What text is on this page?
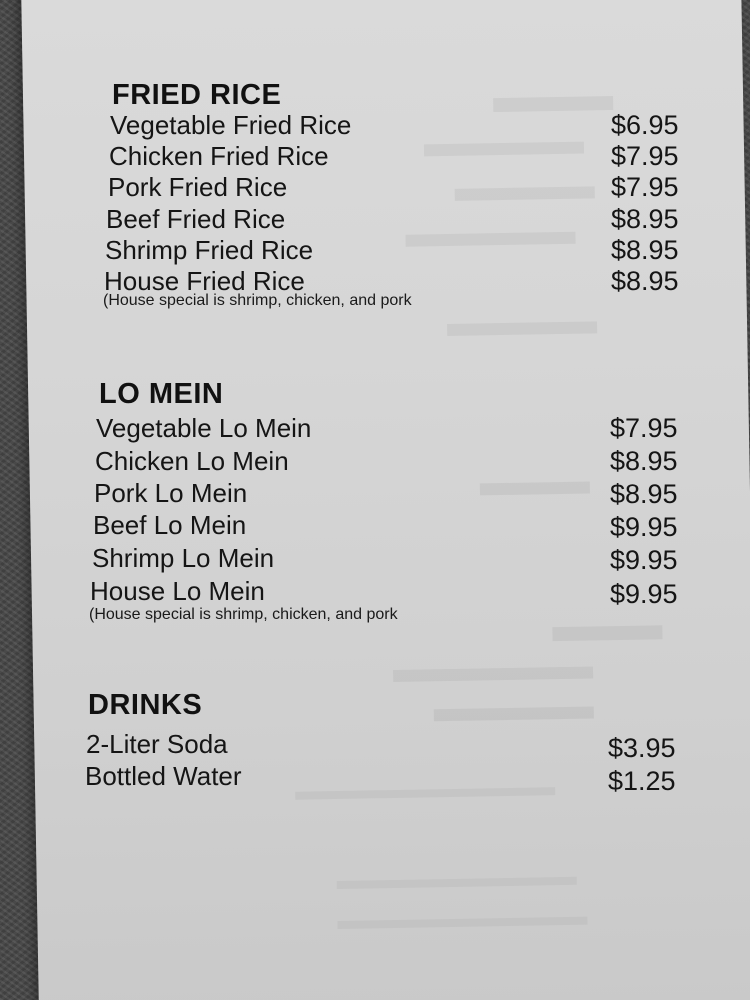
FRIED RICE
Vegetable Fried Rice	$6.95
Chicken Fried Rice	$7.95
Pork Fried Rice	$7.95
Beef Fried Rice	$8.95
Shrimp Fried Rice	$8.95
House Fried Rice	$8.95
(House special is shrimp, chicken, and pork
LO MEIN
Vegetable Lo Mein	$7.95
Chicken Lo Mein	$8.95
Pork Lo Mein	$8.95
Beef Lo Mein	$9.95
Shrimp Lo Mein	$9.95
House Lo Mein	$9.95
(House special is shrimp, chicken, and pork
DRINKS
2-Liter Soda	$3.95
Bottled Water	$1.25
